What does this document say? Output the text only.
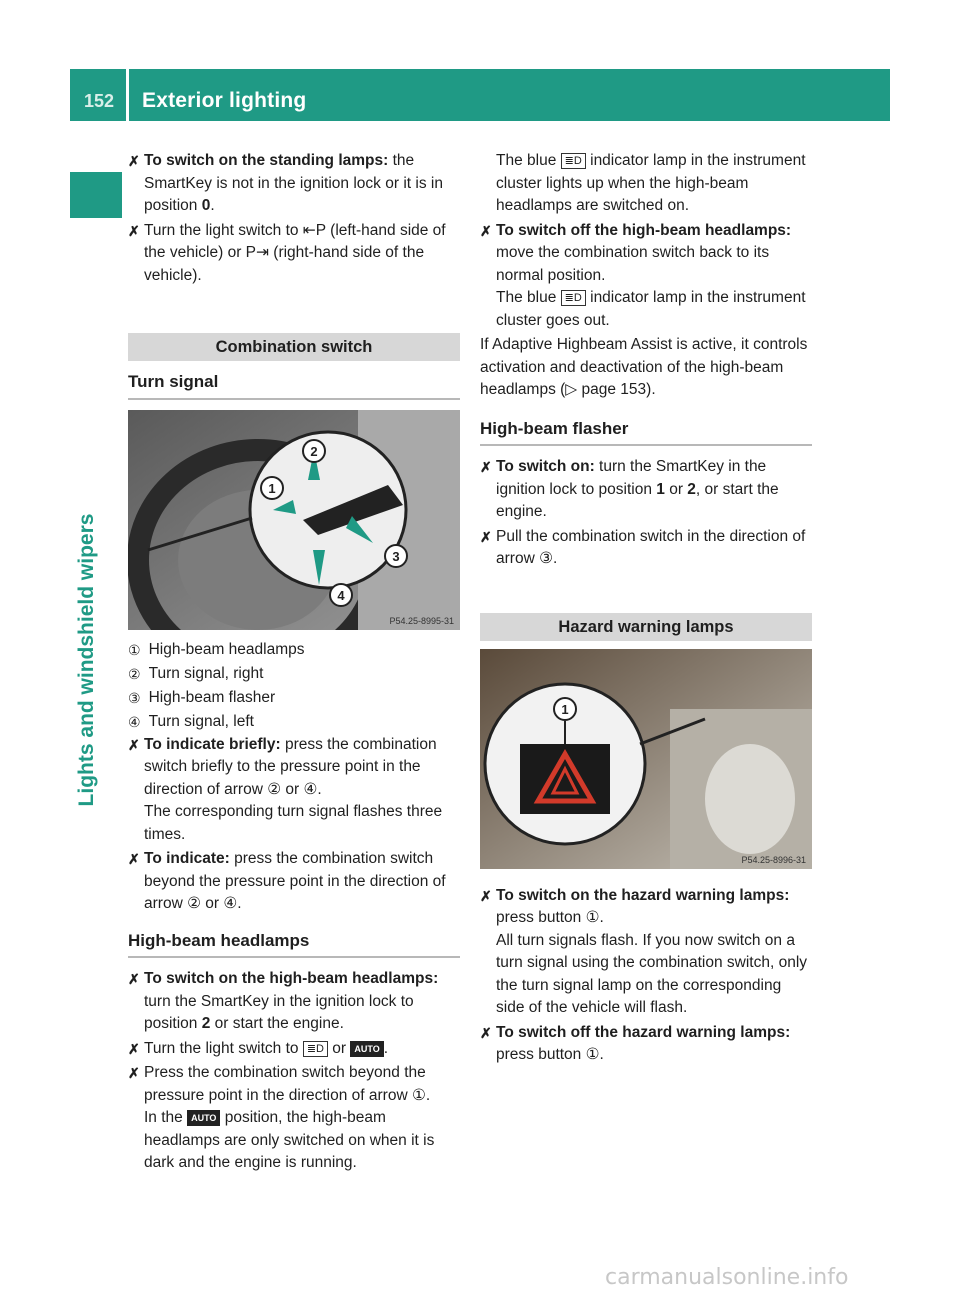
152 Exterior lighting
Lights and windshield wipers
✗ To switch on the standing lamps: the SmartKey is not in the ignition lock or it is in position 0.
✗ Turn the light switch to ⇤P (left-hand side of the vehicle) or P⇥ (right-hand side of the vehicle).
Combination switch
Turn signal
2
1
3
4
P54.25-8995-31
① High-beam headlamps
② Turn signal, right
③ High-beam flasher
④ Turn signal, left
✗ To indicate briefly: press the combination switch briefly to the pressure point in the direction of arrow ② or ④.
The corresponding turn signal flashes three times.
✗ To indicate: press the combination switch beyond the pressure point in the direction of arrow ② or ④.
High-beam headlamps
✗ To switch on the high-beam headlamps: turn the SmartKey in the ignition lock to position 2 or start the engine.
✗ Turn the light switch to ≣D or AUTO .
✗ Press the combination switch beyond the pressure point in the direction of arrow ①.
In the AUTO position, the high-beam headlamps are only switched on when it is dark and the engine is running.
The blue ≣D indicator lamp in the instrument cluster lights up when the high-beam headlamps are switched on.
✗ To switch off the high-beam headlamps: move the combination switch back to its normal position.
The blue ≣D indicator lamp in the instrument cluster goes out.
If Adaptive Highbeam Assist is active, it controls activation and deactivation of the high-beam headlamps (▷ page 153).
High-beam flasher
✗ To switch on: turn the SmartKey in the ignition lock to position 1 or 2, or start the engine.
✗ Pull the combination switch in the direction of arrow ③.
Hazard warning lamps
1
P54.25-8996-31
✗ To switch on the hazard warning lamps: press button ①.
All turn signals flash. If you now switch on a turn signal using the combination switch, only the turn signal lamp on the corresponding side of the vehicle will flash.
✗ To switch off the hazard warning lamps: press button ①.
carmanualsonline.info
